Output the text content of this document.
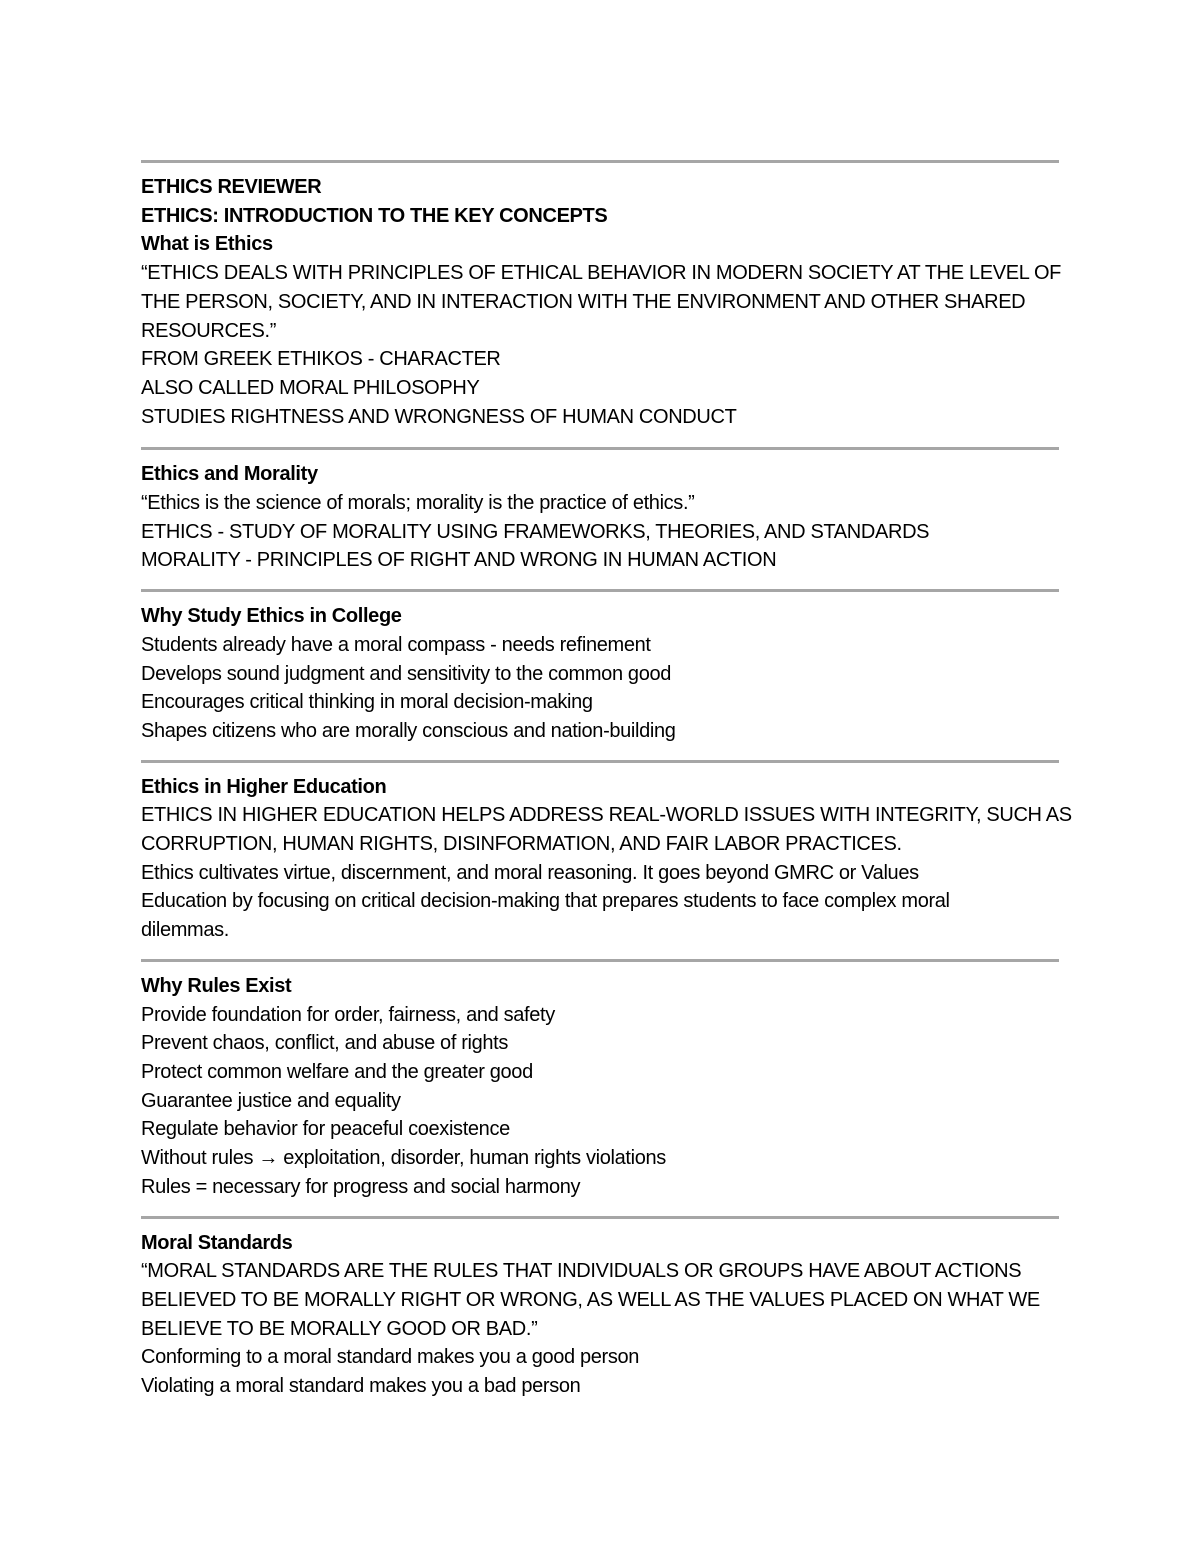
ETHICS REVIEWER
ETHICS: INTRODUCTION TO THE KEY CONCEPTS
What is Ethics
“ETHICS DEALS WITH PRINCIPLES OF ETHICAL BEHAVIOR IN MODERN SOCIETY AT THE LEVEL OF
THE PERSON, SOCIETY, AND IN INTERACTION WITH THE ENVIRONMENT AND OTHER SHARED
RESOURCES.”
FROM GREEK ETHIKOS - CHARACTER
ALSO CALLED MORAL PHILOSOPHY
STUDIES RIGHTNESS AND WRONGNESS OF HUMAN CONDUCT
Ethics and Morality
“Ethics is the science of morals; morality is the practice of ethics.”
ETHICS - STUDY OF MORALITY USING FRAMEWORKS, THEORIES, AND STANDARDS
MORALITY - PRINCIPLES OF RIGHT AND WRONG IN HUMAN ACTION
Why Study Ethics in College
Students already have a moral compass - needs refinement
Develops sound judgment and sensitivity to the common good
Encourages critical thinking in moral decision-making
Shapes citizens who are morally conscious and nation-building
Ethics in Higher Education
ETHICS IN HIGHER EDUCATION HELPS ADDRESS REAL-WORLD ISSUES WITH INTEGRITY, SUCH AS
CORRUPTION, HUMAN RIGHTS, DISINFORMATION, AND FAIR LABOR PRACTICES.
Ethics cultivates virtue, discernment, and moral reasoning. It goes beyond GMRC or Values
Education by focusing on critical decision-making that prepares students to face complex moral
dilemmas.
Why Rules Exist
Provide foundation for order, fairness, and safety
Prevent chaos, conflict, and abuse of rights
Protect common welfare and the greater good
Guarantee justice and equality
Regulate behavior for peaceful coexistence
Without rules → exploitation, disorder, human rights violations
Rules = necessary for progress and social harmony
Moral Standards
“MORAL STANDARDS ARE THE RULES THAT INDIVIDUALS OR GROUPS HAVE ABOUT ACTIONS
BELIEVED TO BE MORALLY RIGHT OR WRONG, AS WELL AS THE VALUES PLACED ON WHAT WE
BELIEVE TO BE MORALLY GOOD OR BAD.”
Conforming to a moral standard makes you a good person
Violating a moral standard makes you a bad person
